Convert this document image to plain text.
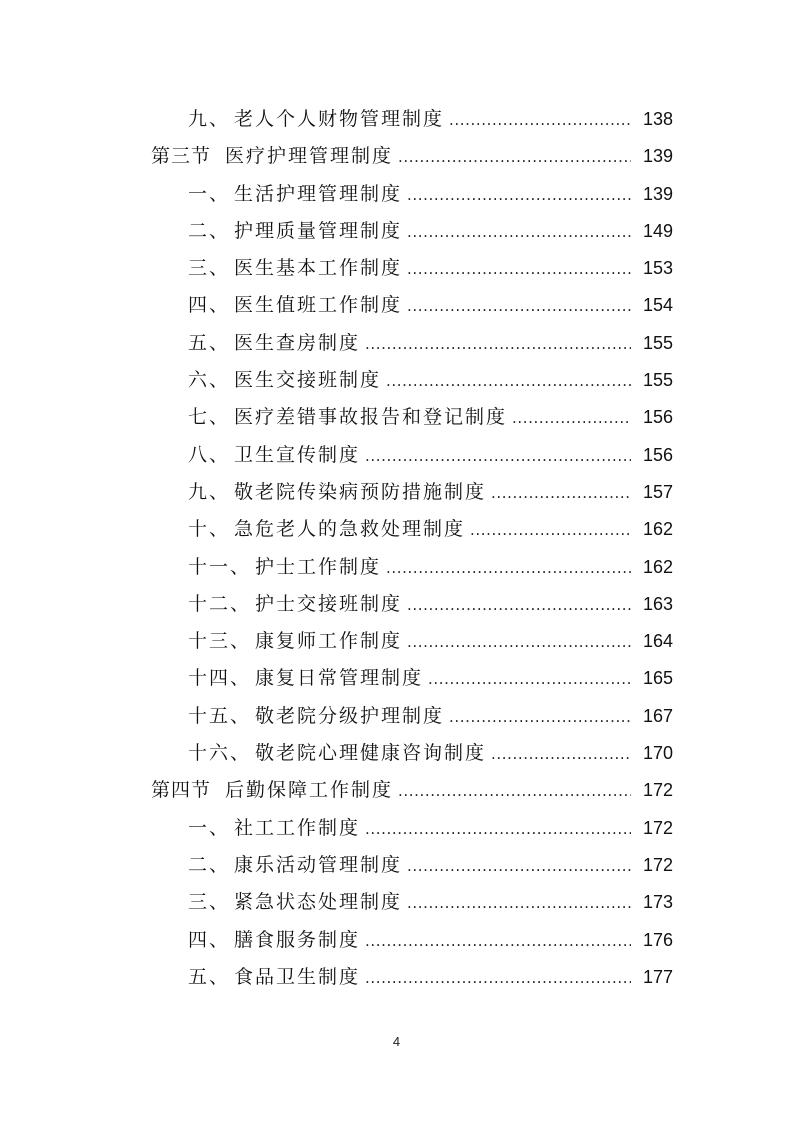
九、 老人个人财物管理制度 .....	138
第三节 医疗护理管理制度 .....	139
一、 生活护理管理制度 .....	139
二、 护理质量管理制度 .....	149
三、 医生基本工作制度 .....	153
四、 医生值班工作制度 .....	154
五、 医生查房制度 .....	155
六、 医生交接班制度 .....	155
七、 医疗差错事故报告和登记制度 .....	156
八、 卫生宣传制度 .....	156
九、 敬老院传染病预防措施制度 .....	157
十、 急危老人的急救处理制度 .....	162
十一、 护士工作制度 .....	162
十二、 护士交接班制度 .....	163
十三、 康复师工作制度 .....	164
十四、 康复日常管理制度 .....	165
十五、 敬老院分级护理制度 .....	167
十六、 敬老院心理健康咨询制度 .....	170
第四节 后勤保障工作制度 .....	172
一、 社工工作制度 .....	172
二、 康乐活动管理制度 .....	172
三、 紧急状态处理制度 .....	173
四、 膳食服务制度 .....	176
五、 食品卫生制度 .....	177
4
